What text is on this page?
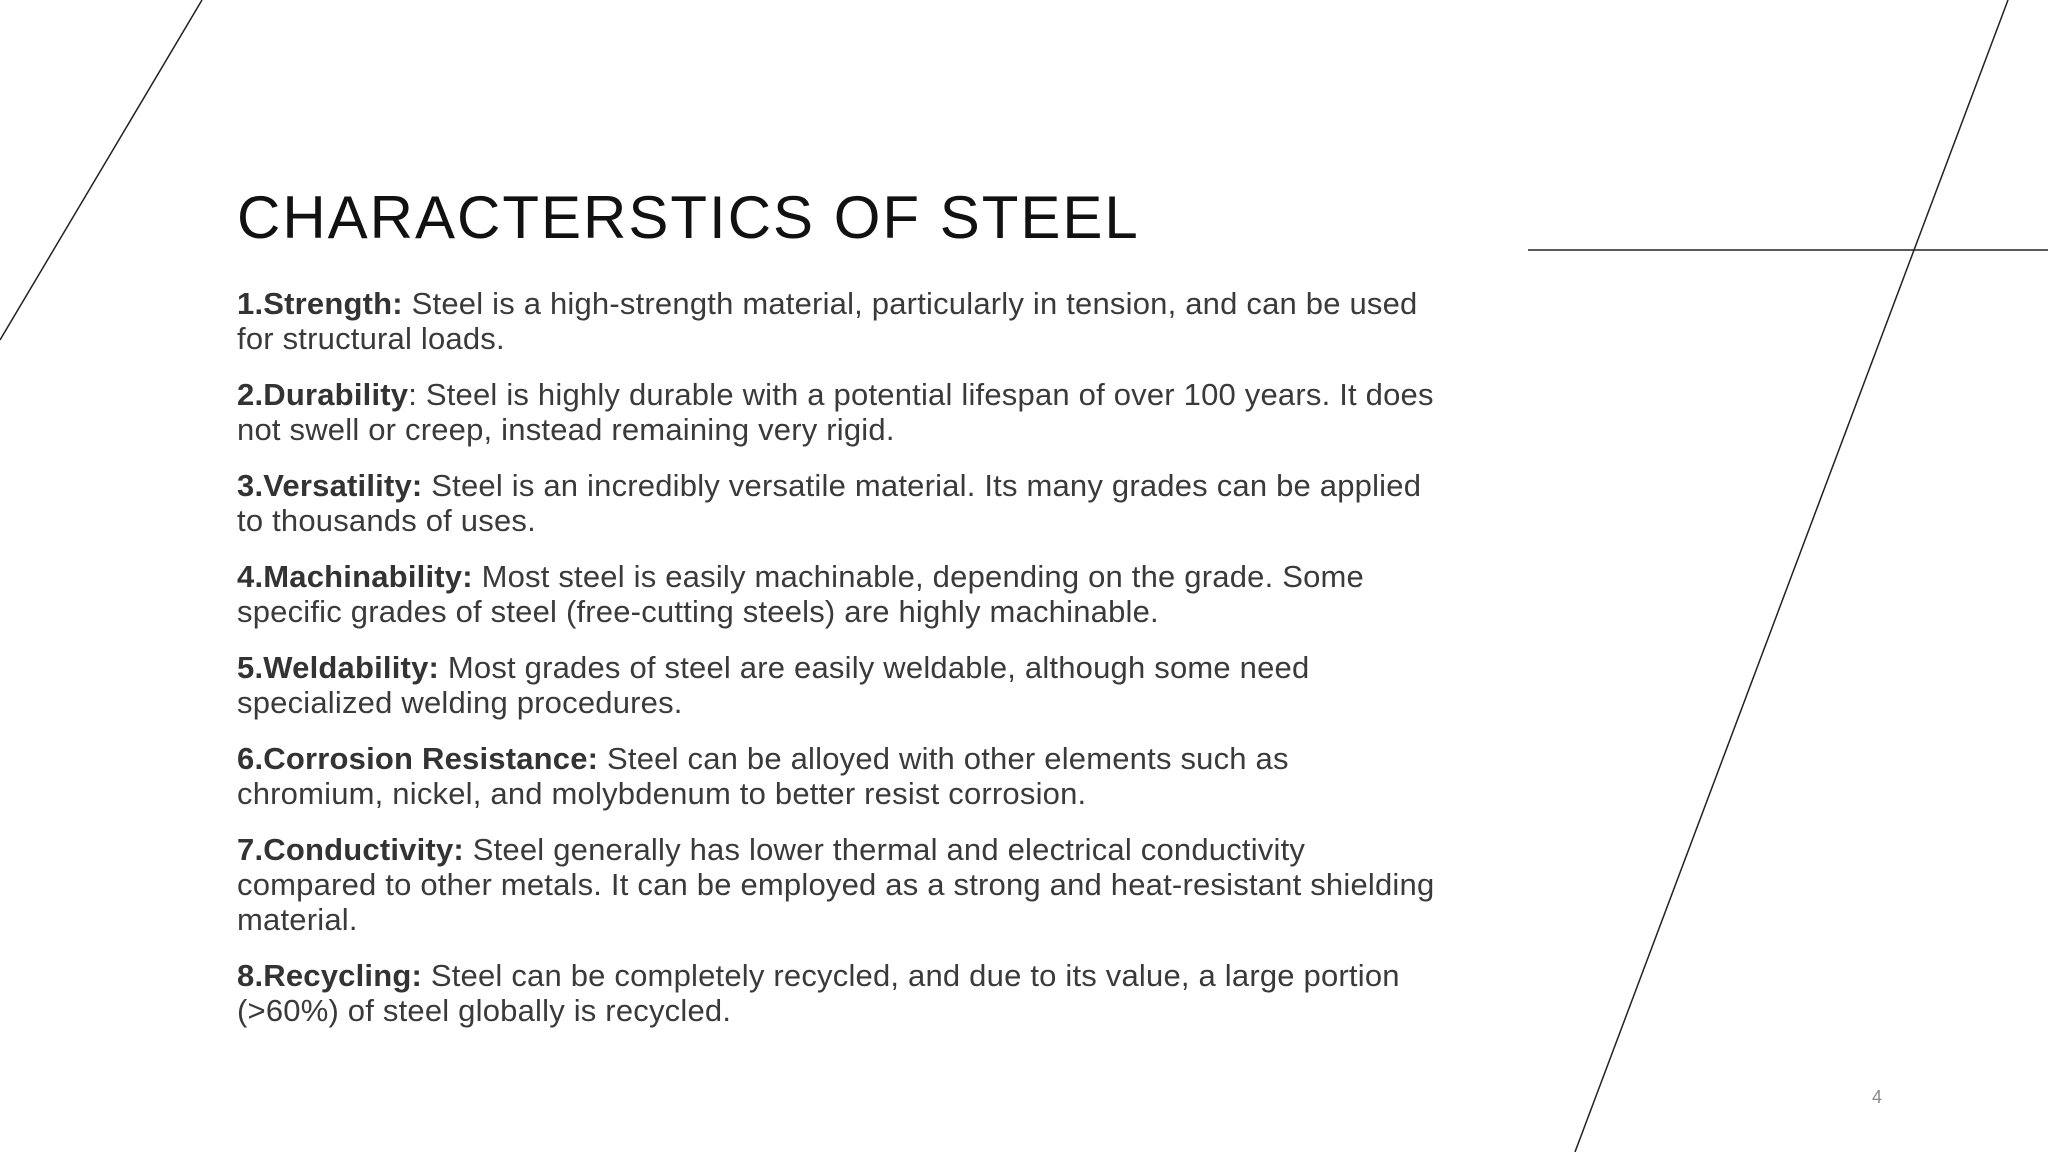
CHARACTERSTICS OF STEEL
1.Strength: Steel is a high-strength material, particularly in tension, and can be used for structural loads.
2.Durability: Steel is highly durable with a potential lifespan of over 100 years. It does not swell or creep, instead remaining very rigid.
3.Versatility: Steel is an incredibly versatile material. Its many grades can be applied to thousands of uses.
4.Machinability: Most steel is easily machinable, depending on the grade. Some specific grades of steel (free-cutting steels) are highly machinable.
5.Weldability: Most grades of steel are easily weldable, although some need specialized welding procedures.
6.Corrosion Resistance: Steel can be alloyed with other elements such as chromium, nickel, and molybdenum to better resist corrosion.
7.Conductivity: Steel generally has lower thermal and electrical conductivity compared to other metals. It can be employed as a strong and heat-resistant shielding material.
8.Recycling: Steel can be completely recycled, and due to its value, a large portion (>60%) of steel globally is recycled.
4
